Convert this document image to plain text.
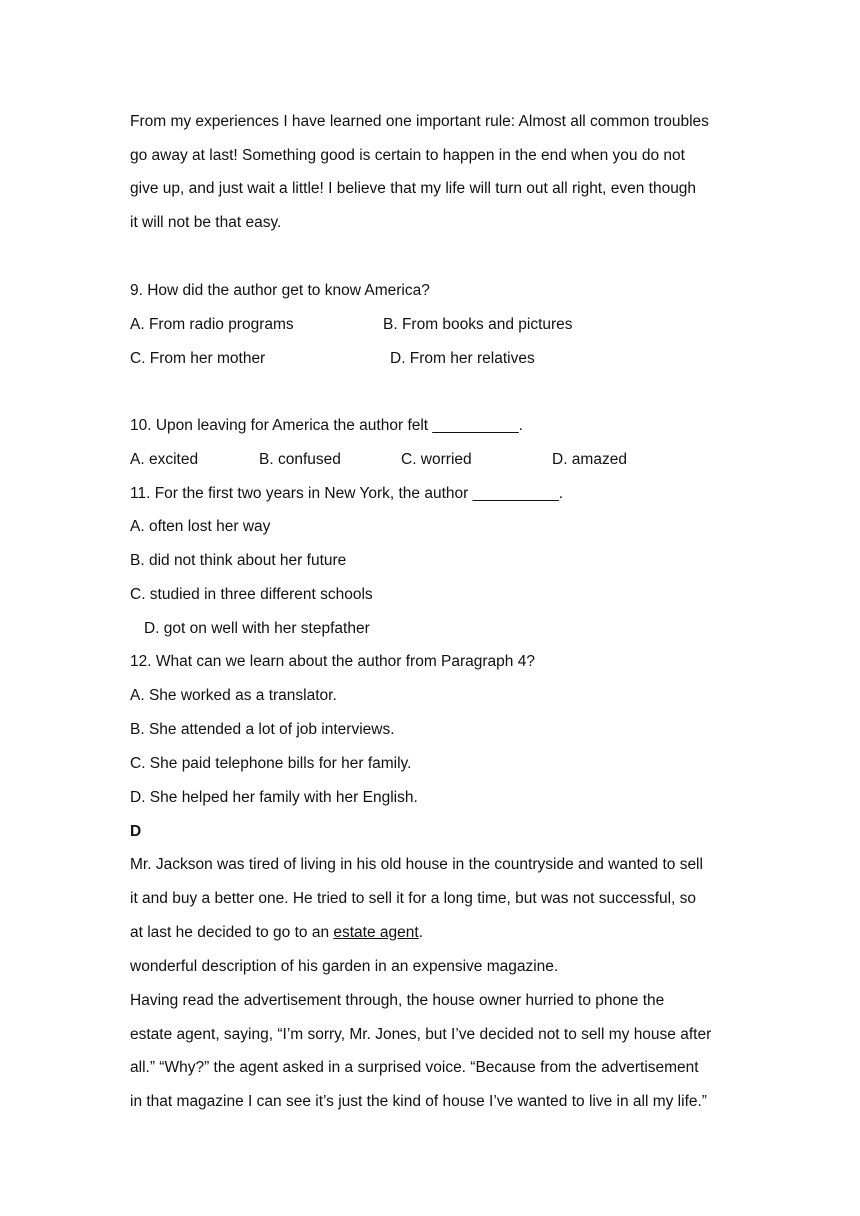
From my experiences I have learned one important rule: Almost all common troubles
go away at last! Something good is certain to happen in the end when you do not
give up, and just wait a little! I believe that my life will turn out all right, even though
it will not be that easy.
9. How did the author get to know America?
A. From radio programs	B. From books and pictures
C. From her mother	D. From her relatives
10. Upon leaving for America the author felt __________.
A. excited	B. confused	C. worried	D. amazed
11. For the first two years in New York, the author __________.
A. often lost her way
B. did not think about her future
C. studied in three different schools
D. got on well with her stepfather
12. What can we learn about the author from Paragraph 4?
A. She worked as a translator.
B. She attended a lot of job interviews.
C. She paid telephone bills for her family.
D. She helped her family with her English.
D
Mr. Jackson was tired of living in his old house in the countryside and wanted to sell
it and buy a better one. He tried to sell it for a long time, but was not successful, so
at last he decided to go to an estate agent.
wonderful description of his garden in an expensive magazine.
Having read the advertisement through, the house owner hurried to phone the
estate agent, saying, “I’m sorry, Mr. Jones, but I’ve decided not to sell my house after
all.” “Why?” the agent asked in a surprised voice. “Because from the advertisement
in that magazine I can see it’s just the kind of house I’ve wanted to live in all my life.”
